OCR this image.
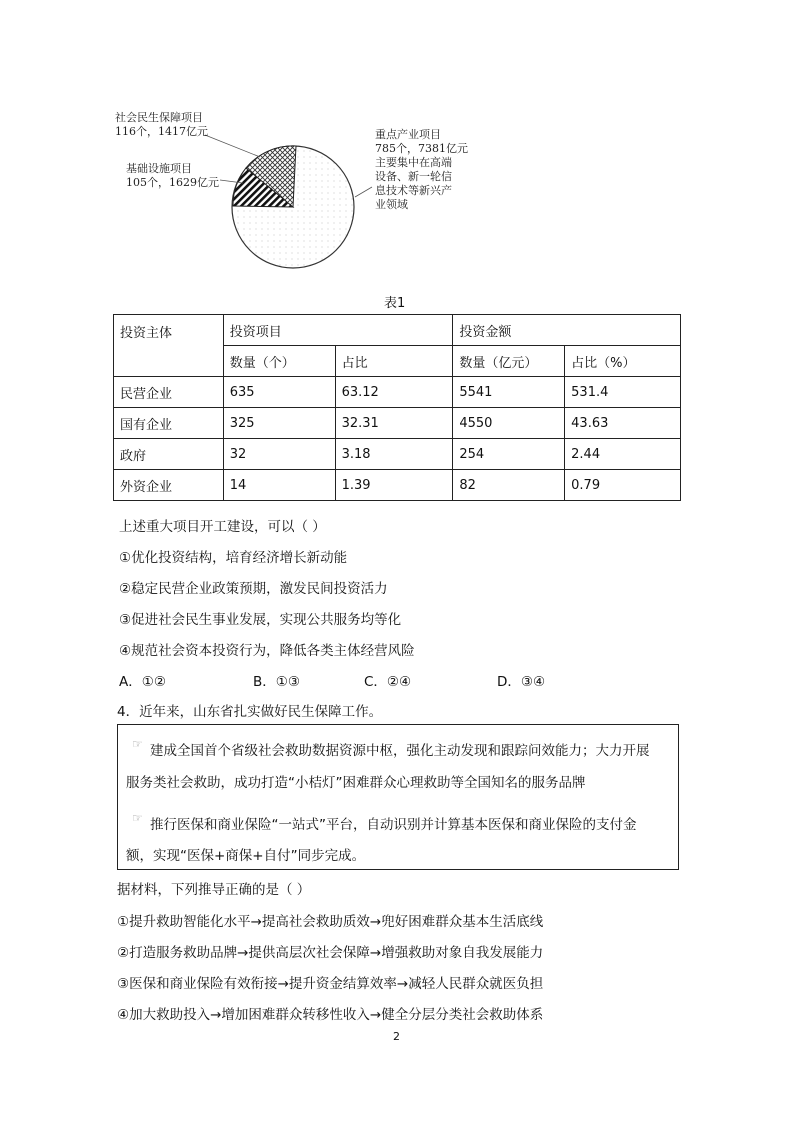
社会民生保障项目
116个，1417亿元
基础设施项目
105个，1629亿元
重点产业项目
785个，7381亿元
主要集中在高端
设备、新一轮信
息技术等新兴产
业领域
表1
投资主体	投资项目		投资金额	
	数量（个）	占比	数量（亿元）	占比（%）
民营企业	635	63.12	5541	531.4
国有企业	325	32.31	4550	43.63
政府	32	3.18	254	2.44
外资企业	14	1.39	82	0.79
上述重大项目开工建设，可以（ ）
①优化投资结构，培育经济增长新动能
②稳定民营企业政策预期，激发民间投资活力
③促进社会民生事业发展，实现公共服务均等化
④规范社会资本投资行为，降低各类主体经营风险
A．①②	B．①③	C．②④	D．③④
4．近年来，山东省扎实做好民生保障工作。
☞ 建成全国首个省级社会救助数据资源中枢，强化主动发现和跟踪问效能力；大力开展
服务类社会救助，成功打造“小桔灯”困难群众心理救助等全国知名的服务品牌
☞ 推行医保和商业保险“一站式”平台，自动识别并计算基本医保和商业保险的支付金
额，实现“医保+商保+自付”同步完成。
据材料，下列推导正确的是（ ）
①提升救助智能化水平→提高社会救助质效→兜好困难群众基本生活底线
②打造服务救助品牌→提供高层次社会保障→增强救助对象自我发展能力
③医保和商业保险有效衔接→提升资金结算效率→减轻人民群众就医负担
④加大救助投入→增加困难群众转移性收入→健全分层分类社会救助体系
2
